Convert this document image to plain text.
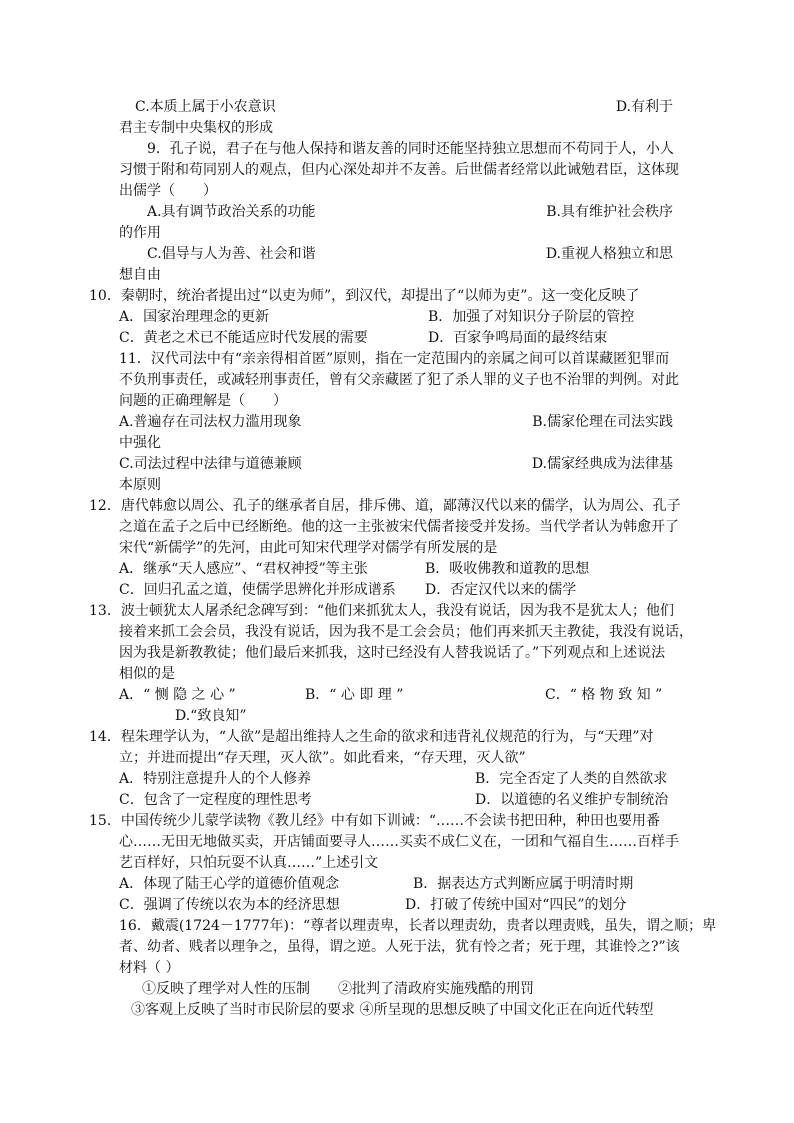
C.本质上属于小农意识	D.有利于
君主专制中央集权的形成
9．孔子说，君子在与他人保持和谐友善的同时还能坚持独立思想而不苟同于人，小人
习惯于附和苟同别人的观点，但内心深处却并不友善。后世儒者经常以此诫勉君臣，这体现
出儒学（　　）
A.具有调节政治关系的功能	B.具有维护社会秩序
的作用
C.倡导与人为善、社会和谐	D.重视人格独立和思
想自由
10．秦朝时，统治者提出过“以吏为师”，到汉代，却提出了“以师为吏”。这一变化反映了
A．国家治理理念的更新	B．加强了对知识分子阶层的管控
C．黄老之术已不能适应时代发展的需要	D．百家争鸣局面的最终结束
11．汉代司法中有“亲亲得相首匿”原则，指在一定范围内的亲属之间可以首谋藏匿犯罪而
不负刑事责任，或减轻刑事责任，曾有父亲藏匿了犯了杀人罪的义子也不治罪的判例。对此
问题的正确理解是（　　）
A.普遍存在司法权力滥用现象	B.儒家伦理在司法实践
中强化
C.司法过程中法律与道德兼顾	D.儒家经典成为法律基
本原则
12．唐代韩愈以周公、孔子的继承者自居，排斥佛、道，鄙薄汉代以来的儒学，认为周公、孔子
之道在孟子之后中已经断绝。他的这一主张被宋代儒者接受并发扬。当代学者认为韩愈开了
宋代“新儒学”的先河，由此可知宋代理学对儒学有所发展的是
A．继承“天人感应”、“君权神授”等主张	B．吸收佛教和道教的思想
C．回归孔孟之道，使儒学思辨化并形成谱系 D．否定汉代以来的儒学
13．波士顿犹太人屠杀纪念碑写到：“他们来抓犹太人，我没有说话，因为我不是犹太人；他们
接着来抓工会会员，我没有说话，因为我不是工会会员；他们再来抓天主教徒，我没有说话，
因为我是新教教徒；他们最后来抓我，这时已经没有人替我说话了。”下列观点和上述说法
相似的是
A．“ 恻 隐 之 心 ”	B．“ 心 即 理 ”	C．“ 格 物 致 知 ”
D.“致良知”
14．程朱理学认为，“人欲”是超出维持人之生命的欲求和违背礼仪规范的行为，与“天理”对
立；并进而提出“存天理，灭人欲”。如此看来，“存天理，灭人欲”
A．特别注意提升人的个人修养	B．完全否定了人类的自然欲求
C．包含了一定程度的理性思考	D．以道德的名义维护专制统治
15．中国传统少儿蒙学读物《教儿经》中有如下训诫：“……不会读书把田种，种田也要用番
心……无田无地做买卖，开店铺面要寻人……买卖不成仁义在，一团和气福自生……百样手
艺百样好，只怕玩耍不认真……”上述引文
A．体现了陆王心学的道德价值观念	B．据表达方式判断应属于明清时期
C．强调了传统以农为本的经济思想	D．打破了传统中国对“四民”的划分
16．戴震(1724－1777年)：“尊者以理责卑，长者以理责幼，贵者以理责贱，虽失，谓之顺；卑
者、幼者、贱者以理争之，虽得，谓之逆。人死于法，犹有怜之者；死于理，其谁怜之?”该
材料（ ）
①反映了理学对人性的压制　　②批判了清政府实施残酷的刑罚
③客观上反映了当时市民阶层的要求 ④所呈现的思想反映了中国文化正在向近代转型
